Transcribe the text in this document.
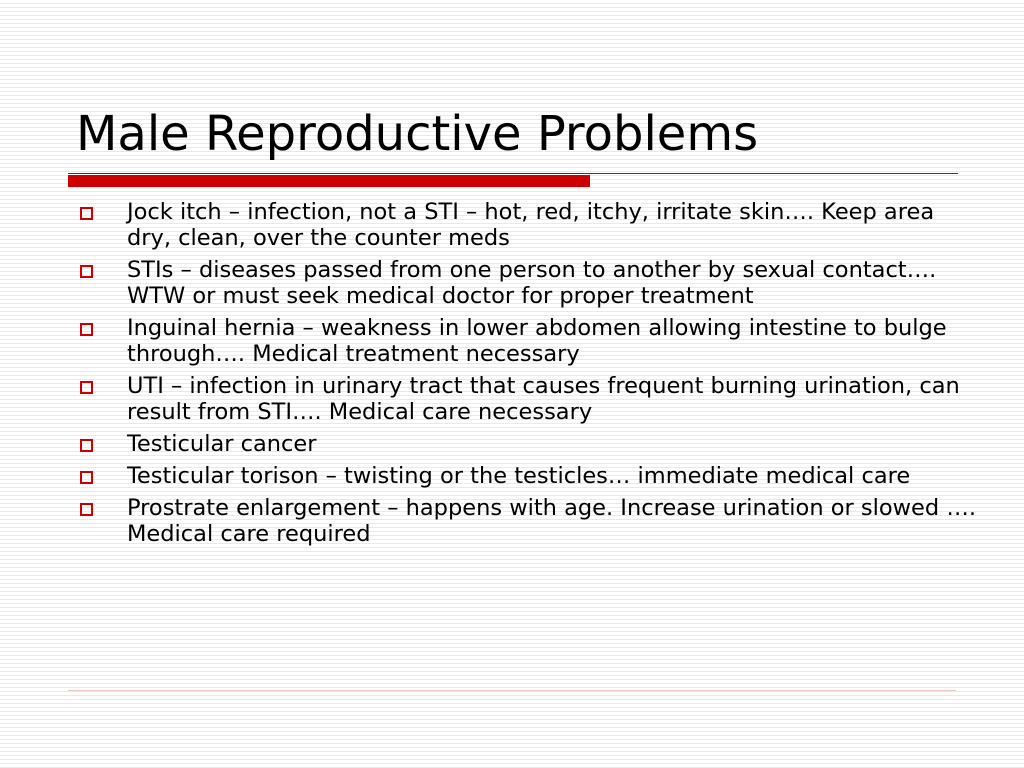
Male Reproductive Problems
Jock itch – infection, not a STI – hot, red, itchy, irritate skin…. Keep area dry, clean, over the counter meds
STIs – diseases passed from one person to another by sexual contact…. WTW or must seek medical doctor for proper treatment
Inguinal hernia – weakness in lower abdomen allowing intestine to bulge through…. Medical treatment necessary
UTI – infection in urinary tract that causes frequent burning urination, can result from STI…. Medical care necessary
Testicular cancer
Testicular torison – twisting or the testicles… immediate medical care
Prostrate enlargement – happens with age. Increase urination or slowed …. Medical care required
